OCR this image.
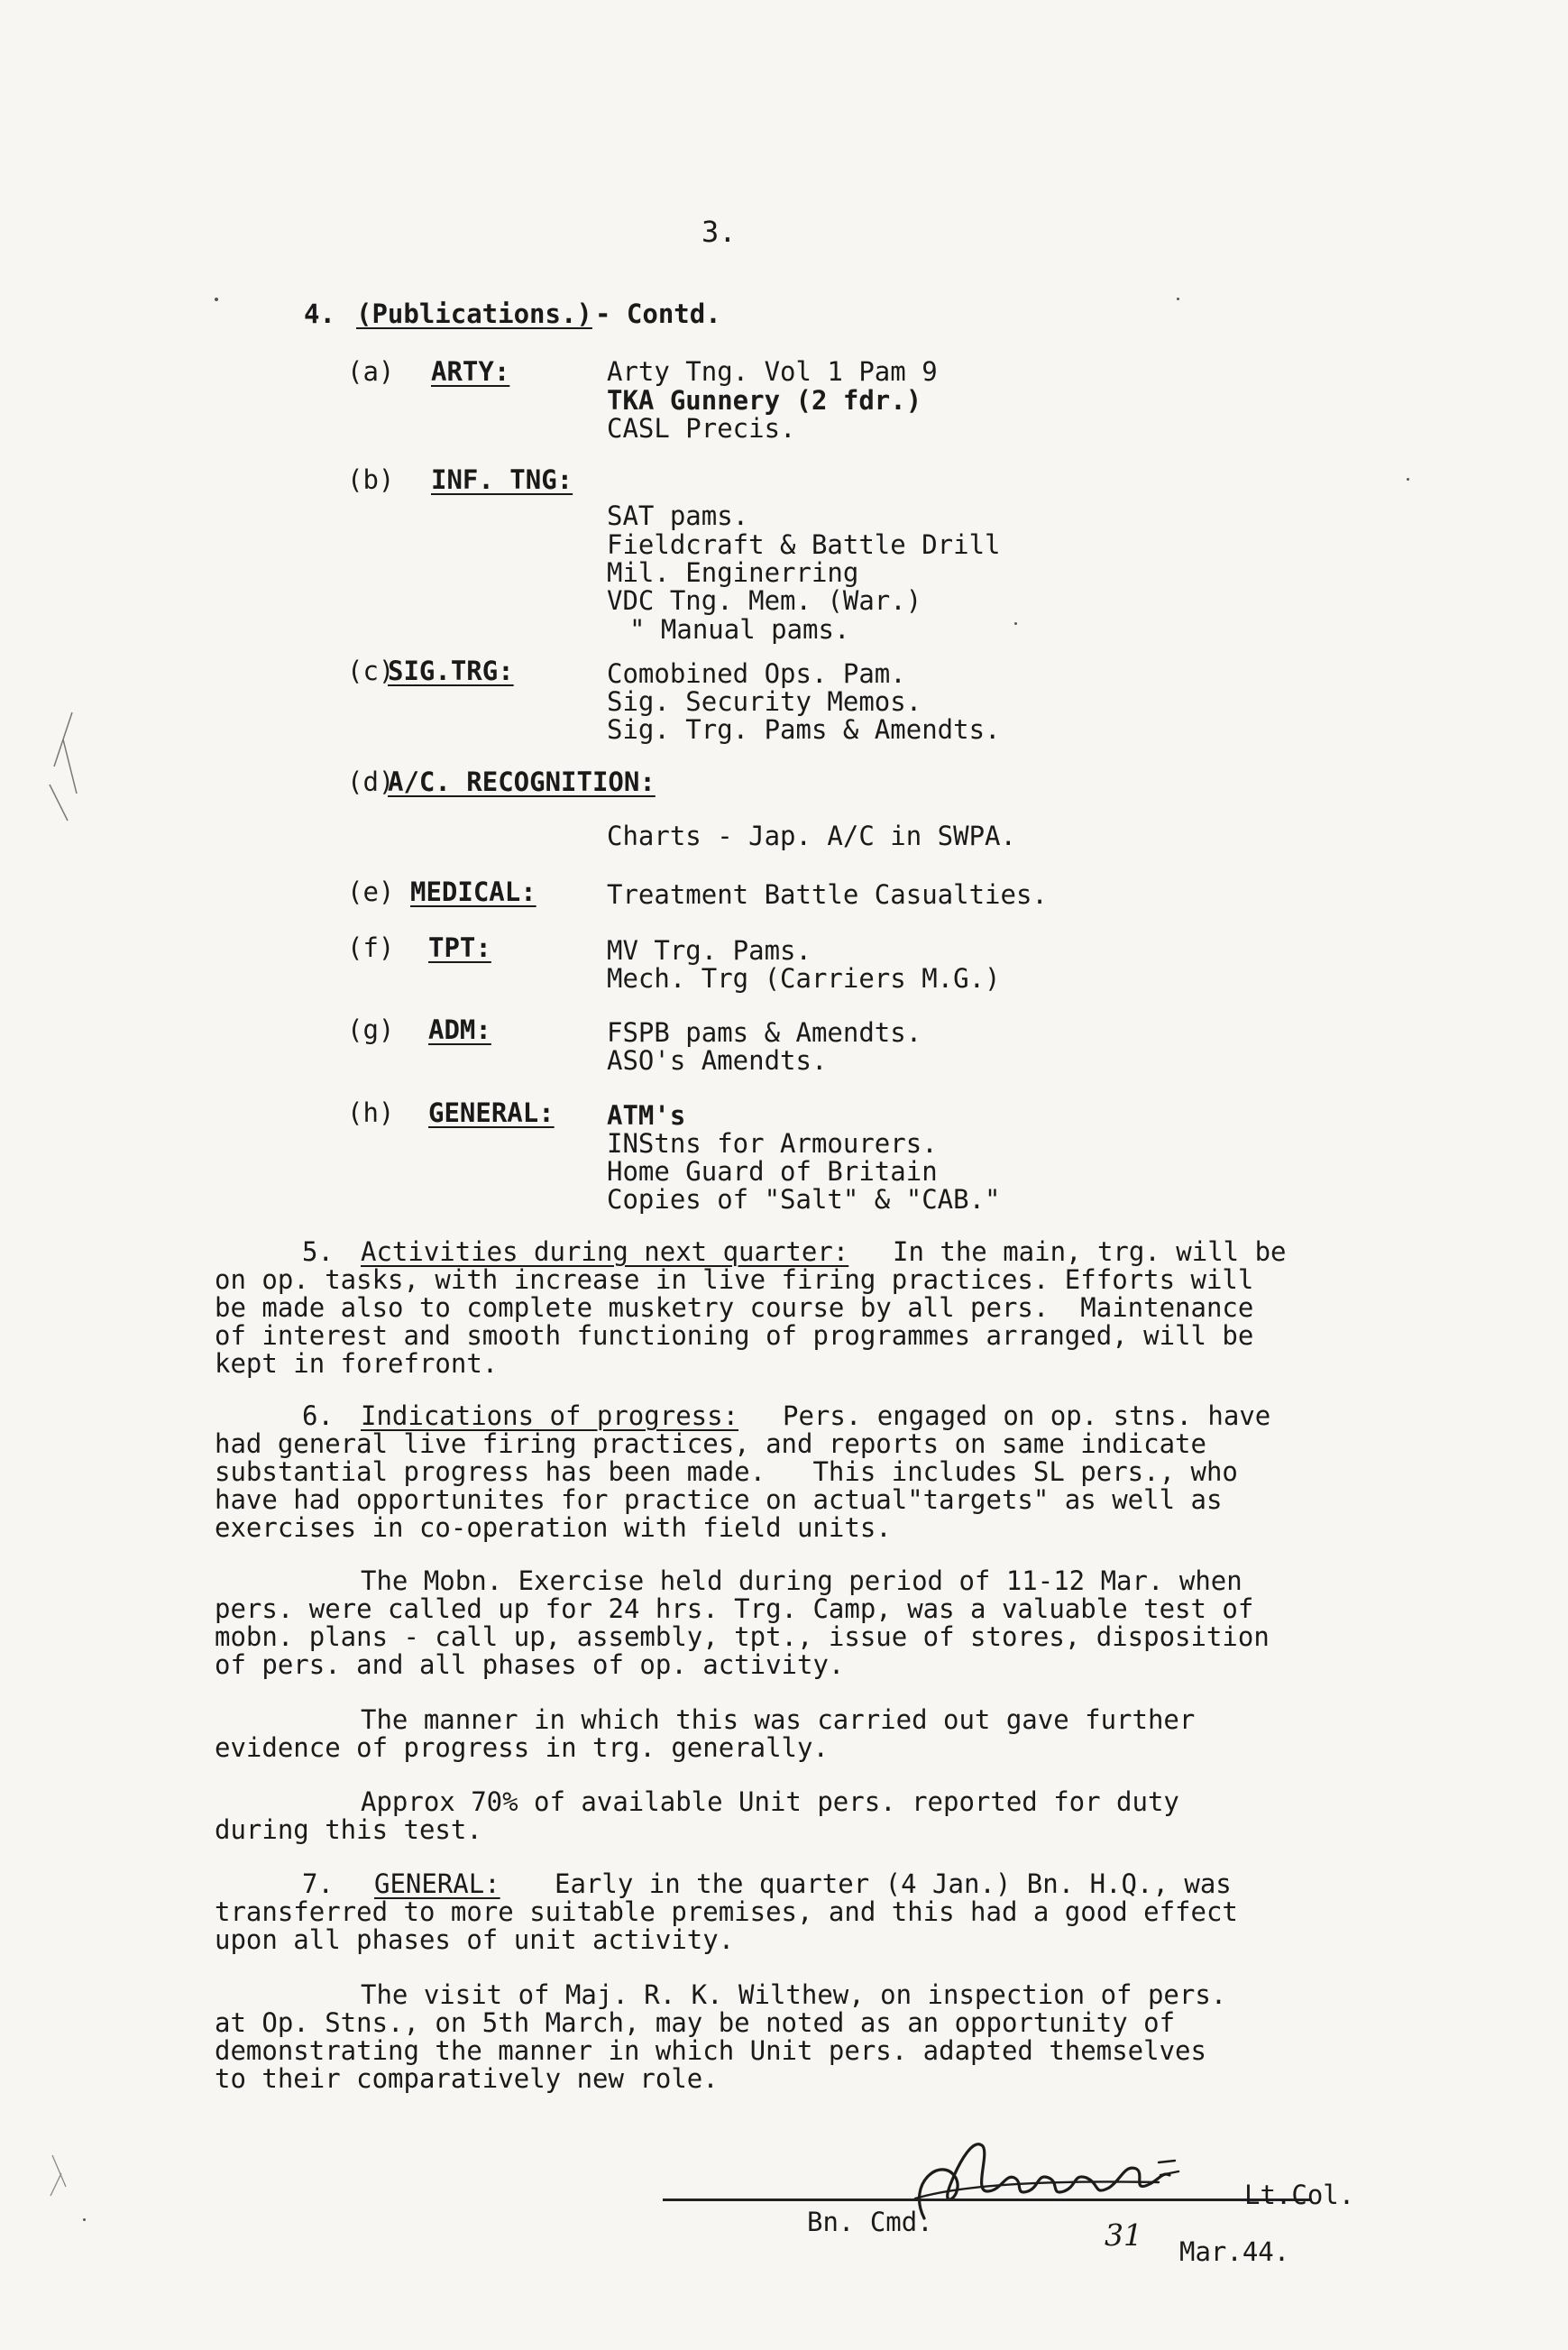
3.
4. (Publications.) - Contd.
(a) ARTY:	Arty Tng. Vol 1 Pam 9
TKA Gunnery (2 fdr.)
CASL Precis.
(b) INF. TNG:
SAT pams.
Fieldcraft & Battle Drill
Mil. Enginerring
VDC Tng. Mem. (War.)
" Manual pams.
(c)
SIG.TRG:	Comobined Ops. Pam.
Sig. Security Memos.
Sig. Trg. Pams & Amendts.
(d)
A/C. RECOGNITION:
Charts - Jap. A/C in SWPA.
(e) MEDICAL:	Treatment Battle Casualties.
(f) TPT:	MV Trg. Pams.
Mech. Trg (Carriers M.G.)
(g) ADM:	FSPB pams & Amendts.
ASO's Amendts.
(h) GENERAL: ATM's
INStns for Armourers.
Home Guard of Britain
Copies of "Salt" & "CAB."
5. Activities during next quarter: In the main, trg. will be
on op. tasks, with increase in live firing practices. Efforts will
be made also to complete musketry course by all pers.  Maintenance
of interest and smooth functioning of programmes arranged, will be
kept in forefront.
6. Indications of progress: Pers. engaged on op. stns. have
had general live firing practices, and reports on same indicate
substantial progress has been made.   This includes SL pers., who
have had opportunites for practice on actual"targets" as well as
exercises in co-operation with field units.
The Mobn. Exercise held during period of 11-12 Mar. when
pers. were called up for 24 hrs. Trg. Camp, was a valuable test of
mobn. plans - call up, assembly, tpt., issue of stores, disposition
of pers. and all phases of op. activity.
The manner in which this was carried out gave further
evidence of progress in trg. generally.
Approx 70% of available Unit pers. reported for duty
during this test.
7. GENERAL: Early in the quarter (4 Jan.) Bn. H.Q., was
transferred to more suitable premises, and this had a good effect
upon all phases of unit activity.
The visit of Maj. R. K. Wilthew, on inspection of pers.
at Op. Stns., on 5th March, may be noted as an opportunity of
demonstrating the manner in which Unit pers. adapted themselves
to their comparatively new role.
Lt.Col.
Bn. Cmd.	31 Mar.44.
